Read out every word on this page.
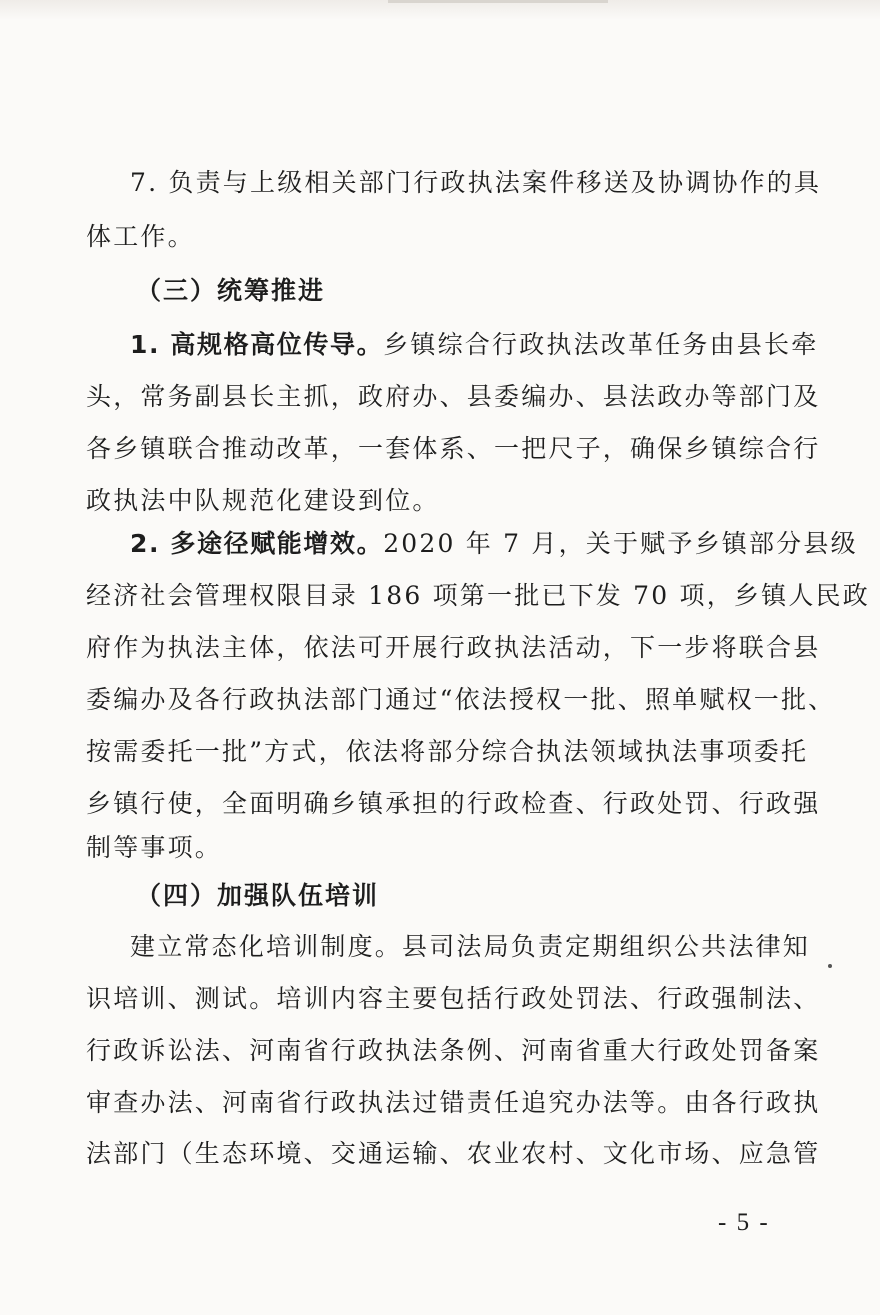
7. 负责与上级相关部门行政执法案件移送及协调协作的具

体工作。

（三）统筹推进

1. 高规格高位传导。乡镇综合行政执法改革任务由县长牵

头，常务副县长主抓，政府办、县委编办、县法政办等部门及

各乡镇联合推动改革，一套体系、一把尺子，确保乡镇综合行

政执法中队规范化建设到位。

2. 多途径赋能增效。2020 年 7 月，关于赋予乡镇部分县级

经济社会管理权限目录 186 项第一批已下发 70 项，乡镇人民政

府作为执法主体，依法可开展行政执法活动，下一步将联合县

委编办及各行政执法部门通过“依法授权一批、照单赋权一批、

按需委托一批”方式，依法将部分综合执法领域执法事项委托

乡镇行使，全面明确乡镇承担的行政检查、行政处罚、行政强

制等事项。

（四）加强队伍培训

建立常态化培训制度。县司法局负责定期组织公共法律知

识培训、测试。培训内容主要包括行政处罚法、行政强制法、

行政诉讼法、河南省行政执法条例、河南省重大行政处罚备案

审查办法、河南省行政执法过错责任追究办法等。由各行政执

法部门（生态环境、交通运输、农业农村、文化市场、应急管

- 5 -
